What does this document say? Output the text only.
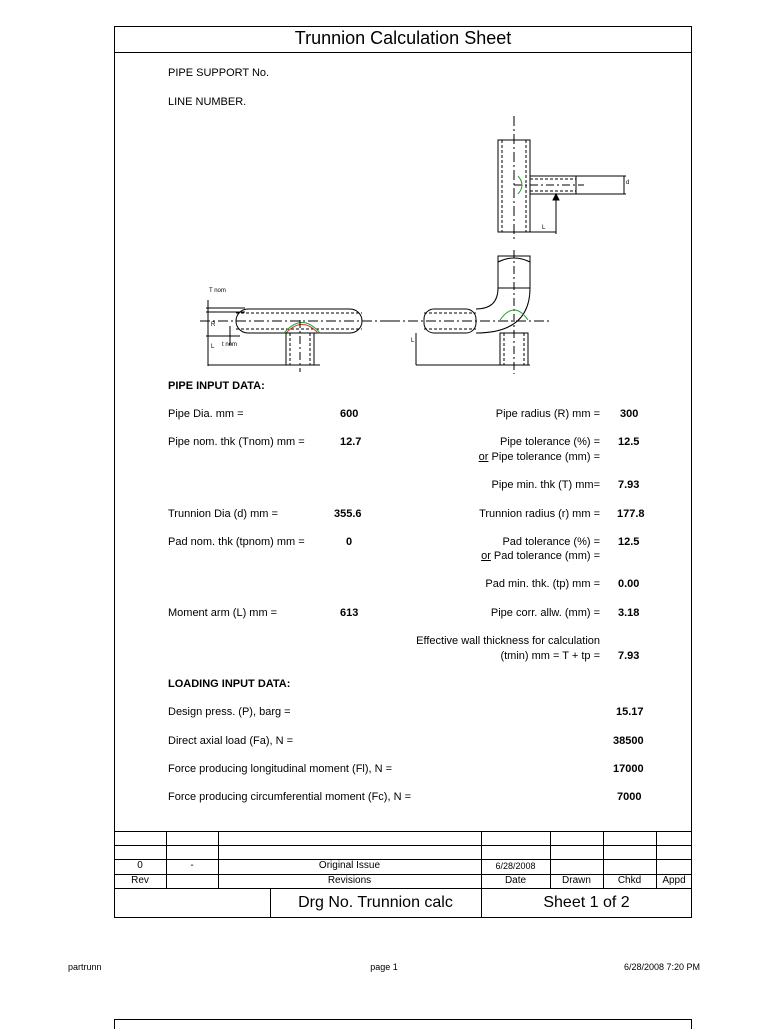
Trunnion Calculation Sheet
PIPE SUPPORT No.
LINE NUMBER.
T nom
t nom
R
L
d
L
L
PIPE INPUT DATA:
Pipe Dia. mm =	600	Pipe radius (R) mm = 300
Pipe nom. thk (Tnom) mm =	12.7	Pipe tolerance (%) = 12.5
or Pipe tolerance (mm) =
Pipe min. thk (T) mm= 7.93
Trunnion Dia (d) mm =	355.6	Trunnion radius (r) mm = 177.8
Pad nom. thk (tpnom) mm =	0	Pad tolerance (%) = 12.5
or Pad tolerance (mm) =
Pad min. thk. (tp) mm = 0.00
Moment arm (L) mm =	613	Pipe corr. allw. (mm) = 3.18
Effective wall thickness for calculation
(tmin) mm = T + tp = 7.93
LOADING INPUT DATA:
Design press. (P), barg =	15.17
Direct axial load (Fa), N =	38500
Force producing longitudinal moment (Fl), N =	17000
Force producing circumferential moment (Fc), N =	7000
0	-	Original Issue	6/28/2008
Rev	Revisions	Date	Drawn	Chkd	Appd
Drg No. Trunnion calc	Sheet 1 of 2
partrunn	page 1	6/28/2008 7:20 PM
